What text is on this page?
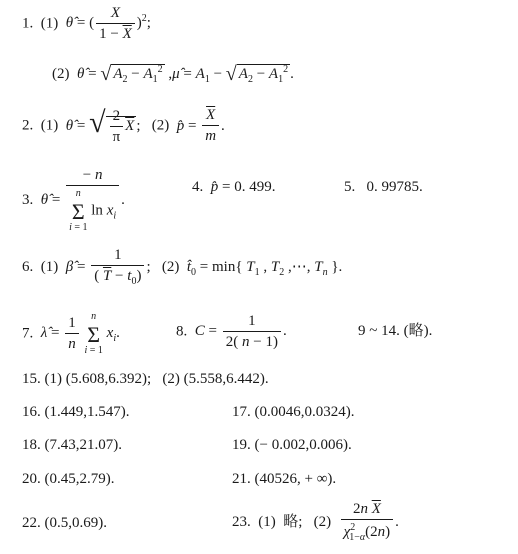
1.  (1)  θ̂ = ( $\frac{X}{1 - \overline{X}} )^2$;
(2)  θ̂ = √ $A_2 - A_1^2$ ,μ̂ = $A_1$ − √ $A_2 - A_1^2$ .
2.  (1)  θ̂ = √ $\frac{2}{\pi} \overline{X}$ ;   (2)  p̂ = $\frac{\overline{X}}{m}$ .
3. θ̂ = − n
n
Σ
i = 1 $\ln x_i$ .
4. p̂ = 0. 499.	5.   0. 99785.
6.  (1)  β̂ = $\frac{1}{( \overline{T} - t_0)}$ ;   (2)  $t̂_0 = \min${ $T_1$ , $T_2$ ,⋯, $T_n$ }.
7. λ̂ = $\frac{1}{n}$ n
Σ
i = 1 $x_i$.	8. $C = \frac{1}{2( n - 1)}$ .	9 ~ 14. (略).
15. (1) (5.608,6.392); (2) (5.558,6.442).
16. (1.449,1.547).	17. (0.0046,0.0324).
18. (7.43,21.07).	19. (− 0.002,0.006).
20. (0.45,2.79).	21. (40526, + ∞).
22. (0.5,0.69).	23.  (1)  略;   $(2) \frac{2n \overline{X}}{\chi^2_{1-\alpha}(2n)}$ .
